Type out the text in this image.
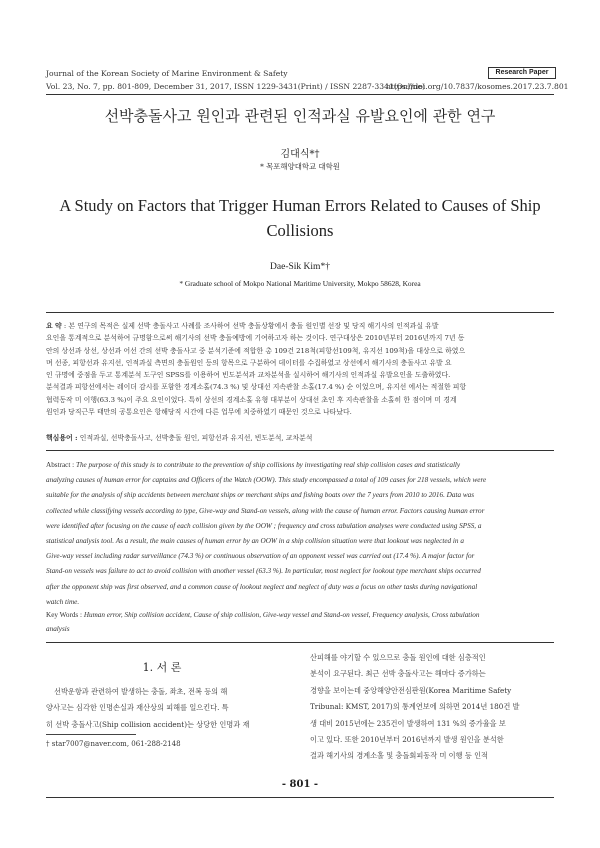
Journal of the Korean Society of Marine Environment & Safety	Research Paper
Vol. 23, No. 7, pp. 801-809, December 31, 2017, ISSN 1229-3431(Print) / ISSN 2287-3341(Online)
https://doi.org/10.7837/kosomes.2017.23.7.801
선박충돌사고 원인과 관련된 인적과실 유발요인에 관한 연구
김대식*†
* 목포해양대학교 대학원
A Study on Factors that Trigger Human Errors Related to Causes of Ship
Collisions
Dae-Sik Kim*†
* Graduate school of Mokpo National Maritime University, Mokpo 58628, Korea
요 약 : 본 연구의 목적은 실제 선박 충돌사고 사례를 조사하여 선박 충돌상황에서 충돌 원인별 선장 및 당직 해기사의 인적과실 유발
요인을 통계적으로 분석하여 규명함으로써 해기사의 선박 충돌예방에 기여하고자 하는 것이다. 연구대상은 2010년부터 2016년까지 7년 동
안의 상선과 상선, 상선과 어선 간의 선박 충돌사고 중 분석기준에 적합한 총 109건 218척(피항선109척, 유지선 109척)을 대상으로 하였으
며 선종, 피항선과 유지선, 인적과실 측면의 충돌원인 등의 항목으로 구분하여 데이터를 수집하였고 상선에서 해기사의 충돌사고 유발 요
인 규명에 중점을 두고 통계분석 도구인 SPSS를 이용하여 빈도분석과 교차분석을 실시하여 해기사의 인적과실 유발요인을 도출하였다.
분석결과 피항선에서는 레이더 감시를 포함한 경계소홀(74.3 %) 및 상대선 지속관찰 소홀(17.4 %) 순 이었으며, 유지선 에서는 적절한 피항
협력동작 미 이행(63.3 %)이 주요 요인이었다. 특히 상선의 경계소홀 유형 대부분이 상대선 초인 후 지속관찰을 소홀히 한 점이며 미 경계
원인과 당직근무 태만의 공통요인은 항해당직 시간에 다른 업무에 치중하였기 때문인 것으로 나타났다.
핵심용어 : 인적과실, 선박충돌사고, 선박충돌 원인, 피항선과 유지선, 빈도분석, 교차분석
Abstract : The purpose of this study is to contribute to the prevention of ship collisions by investigating real ship collision cases and statistically
analyzing causes of human error for captains and Officers of the Watch (OOW). This study encompassed a total of 109 cases for 218 vessels, which were
suitable for the analysis of ship accidents between merchant ships or merchant ships and fishing boats over the 7 years from 2010 to 2016. Data was
collected while classifying vessels according to type, Give-way and Stand-on vessels, along with the cause of human error. Factors causing human error
were identified after focusing on the cause of each collision given by the OOW ; frequency and cross tabulation analyses were conducted using SPSS, a
statistical analysis tool. As a result, the main causes of human error by an OOW in a ship collision situation were that lookout was neglected in a
Give-way vessel including radar surveillance (74.3 %) or continuous observation of an opponent vessel was carried out (17.4 %). A major factor for
Stand-on vessels was failure to act to avoid collision with another vessel (63.3 %). In particular, most neglect for lookout type merchant ships occurred
after the opponent ship was first observed, and a common cause of lookout neglect and neglect of duty was a focus on other tasks during navigational
watch time.
Key Words : Human error, Ship collision accident, Cause of ship collision, Give-way vessel and Stand-on vessel, Frequency analysis, Cross tabulation
analysis
1. 서 론
선박운항과 관련하여 발생하는 충돌, 좌초, 전복 등의 해
양사고는 심각한 인명손실과 재산상의 피해를 일으킨다. 특
히 선박 충돌사고(Ship collision accident)는 상당한 인명과 재
† star7007@naver.com, 061-288-2148
산피해를 야기할 수 있으므로 충돌 원인에 대한 심층적인
분석이 요구된다. 최근 선박 충돌사고는 해마다 증가하는
경향을 보이는데 중앙해양안전심판원(Korea Maritime Safety
Tribunal: KMST, 2017)의 통계연보에 의하면 2014년 180건 발
생 대비 2015년에는 235건이 발생하여 131 %의 증가율을 보
이고 있다. 또한 2010년부터 2016년까지 발생 원인을 분석한
결과 해기사의 경계소홀 및 충돌회피동작 미 이행 등 인적
- 801 -
